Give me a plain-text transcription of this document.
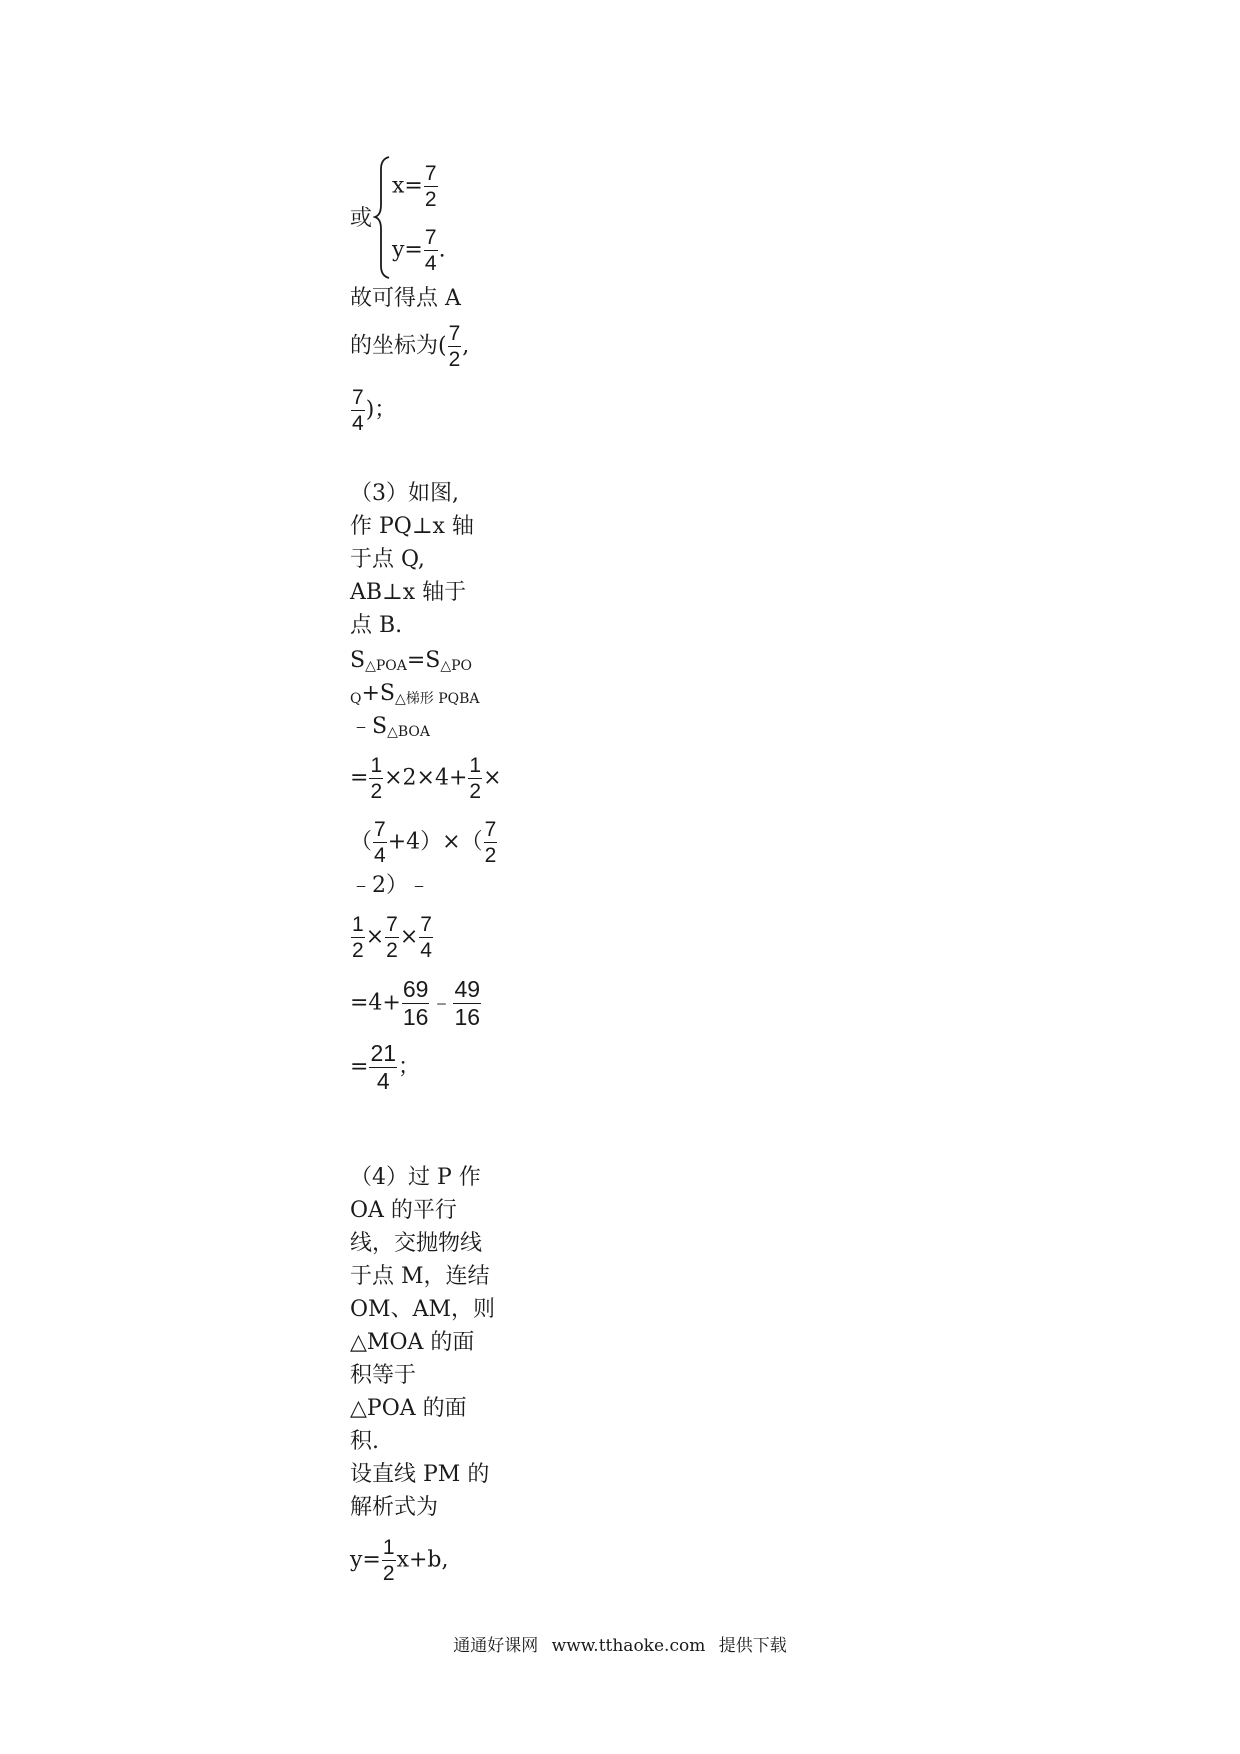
或
$x= \frac{7}{2}$
$y= \frac{7}{4}$ .
故可得点 A
的坐标为( $\frac{7}{2}$ ,
$\frac{7}{4}$ )；
（3）如图,
作 PQ⊥x 轴
于点 Q,
AB⊥x 轴于
点 B.
$S_{\triangle POA}=S_{\triangle PO}$
$_Q+S_{\triangle 梯形 PQBA}$
$﹣S_{\triangle BOA}$
= $\frac{1}{2} \times 2\times 4+ \frac{1}{2}$ ×
（ $\frac{7}{4} +4)\times( \frac{7}{2}$
﹣2）﹣
$\frac{1}{2} \times \frac{7}{2} \times \frac{7}{4}$
$=4+ \frac{69}{16}$ ﹣ $\frac{49}{16}$
= $\frac{21}{4}$ ；
（4）过 P 作
OA 的平行
线，交抛物线
于点 M，连结
OM、AM，则
△MOA 的面
积等于
△POA 的面
积.
设直线 PM 的
解析式为
$y= \frac{1}{2} x+b$,
通通好课网 www.tthaoke.com 提供下载
